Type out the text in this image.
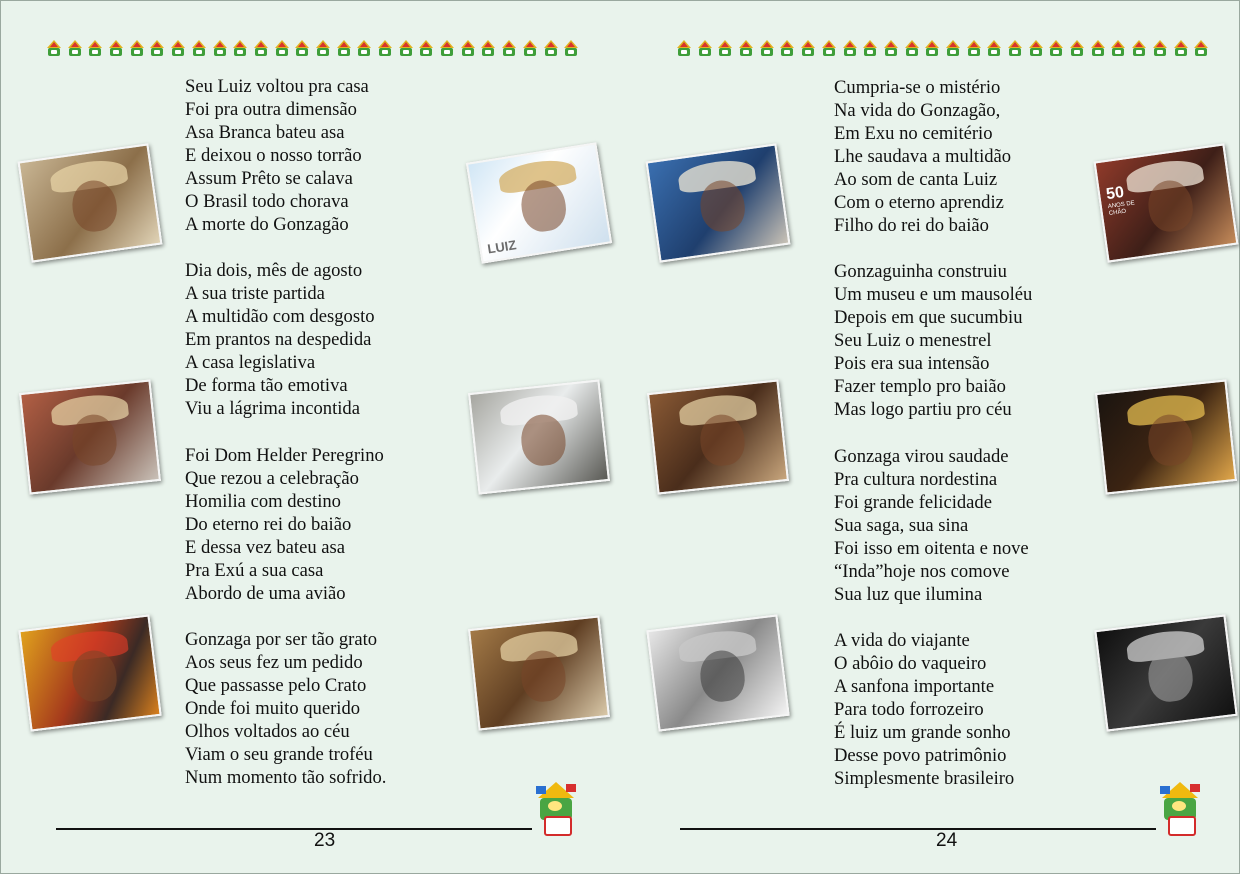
Seu Luiz voltou pra casa
Foi pra outra dimensão
Asa Branca bateu asa
E deixou o nosso torrão
Assum Prêto se calava
O Brasil todo chorava
A morte do Gonzagão
Dia dois, mês de agosto
A sua triste partida
A multidão com desgosto
Em prantos na despedida
A casa legislativa
De forma tão emotiva
Viu a lágrima incontida
Foi Dom Helder Peregrino
Que rezou a celebração
Homilia com destino
Do eterno rei do baião
E dessa vez bateu asa
Pra Exú a sua casa
Abordo de uma avião
Gonzaga por ser tão grato
Aos seus fez um pedido
Que passasse pelo Crato
Onde foi muito querido
Olhos voltados ao céu
Viam o seu grande troféu
Num momento tão sofrido.
LUIZ
23
Cumpria-se o mistério
Na vida do Gonzagão,
Em Exu no cemitério
Lhe saudava a multidão
Ao som de canta Luiz
Com o eterno aprendiz
Filho do rei do baião
Gonzaguinha construiu
Um museu e um mausoléu
Depois em que sucumbiu
Seu Luiz o menestrel
Pois era sua intensão
Fazer templo pro baião
Mas logo partiu pro céu
Gonzaga virou saudade
Pra cultura nordestina
Foi grande felicidade
Sua saga, sua sina
Foi isso em oitenta e nove
“Inda”hoje nos comove
Sua luz que ilumina
A vida do viajante
O abôio do vaqueiro
A sanfona importante
Para todo forrozeiro
É luiz um grande sonho
Desse povo patrimônio
Simplesmente brasileiro
50
ANOS DE CHÃO
24
